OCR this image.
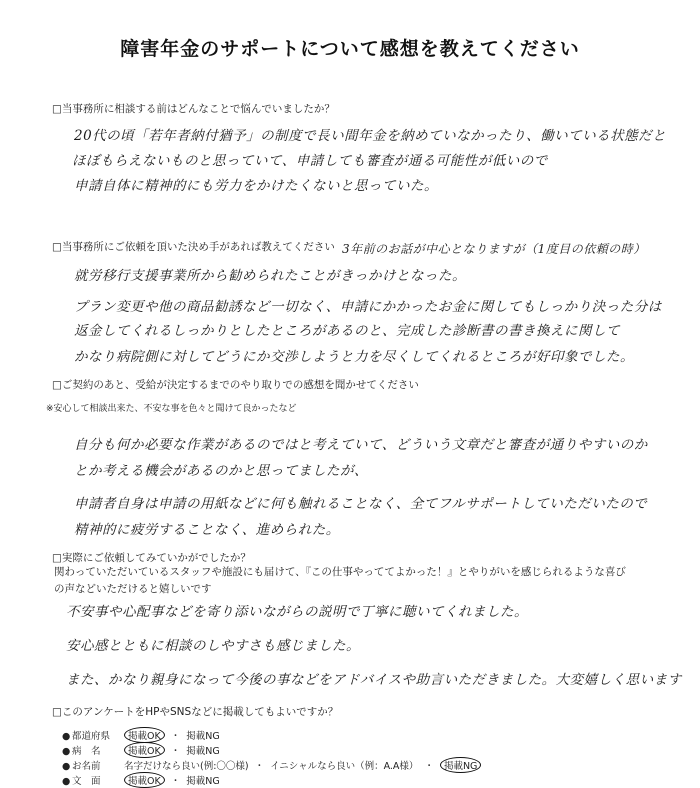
障害年金のサポートについて感想を教えてください
□当事務所に相談する前はどんなことで悩んでいましたか？
20代の頃「若年者納付猶予」の制度で長い間年金を納めていなかったり、働いている状態だと
ほぼもらえないものと思っていて、申請しても審査が通る可能性が低いので
申請自体に精神的にも労力をかけたくないと思っていた。
□当事務所にご依頼を頂いた決め手があれば教えてください 3年前のお話が中心となりますが（1度目の依頼の時）
就労移行支援事業所から勧められたことがきっかけとなった。
プラン変更や他の商品勧誘など一切なく、申請にかかったお金に関してもしっかり決った分は
返金してくれるしっかりとしたところがあるのと、完成した診断書の書き換えに関して
かなり病院側に対してどうにか交渉しようと力を尽くしてくれるところが好印象でした。
□ご契約のあと、受給が決定するまでのやり取りでの感想を聞かせてください
※安心して相談出来た、不安な事を色々と聞けて良かったなど
自分も何か必要な作業があるのではと考えていて、どういう文章だと審査が通りやすいのか
とか考える機会があるのかと思ってましたが、
申請者自身は申請の用紙などに何も触れることなく、全てフルサポートしていただいたので
精神的に疲労することなく、進められた。
□実際にご依頼してみていかがでしたか？
関わっていただいているスタッフや施設にも届けて、『この仕事やっててよかった！』とやりがいを感じられるような喜び
の声などいただけると嬉しいです
不安事や心配事などを寄り添いながらの説明で丁寧に聴いてくれました。
安心感とともに相談のしやすさも感じました。
また、かなり親身になって今後の事などをアドバイスや助言いただきました。大変嬉しく思います
□このアンケートをHPやSNSなどに掲載してもよいですか？
● 都道府県 掲載OK ・ 掲載NG
● 病　名	掲載OK ・ 掲載NG
● お名前 名字だけなら良い(例:〇〇様) ・ イニシャルなら良い（例：A.A様） ・ 掲載NG
● 文　面	掲載OK ・ 掲載NG
